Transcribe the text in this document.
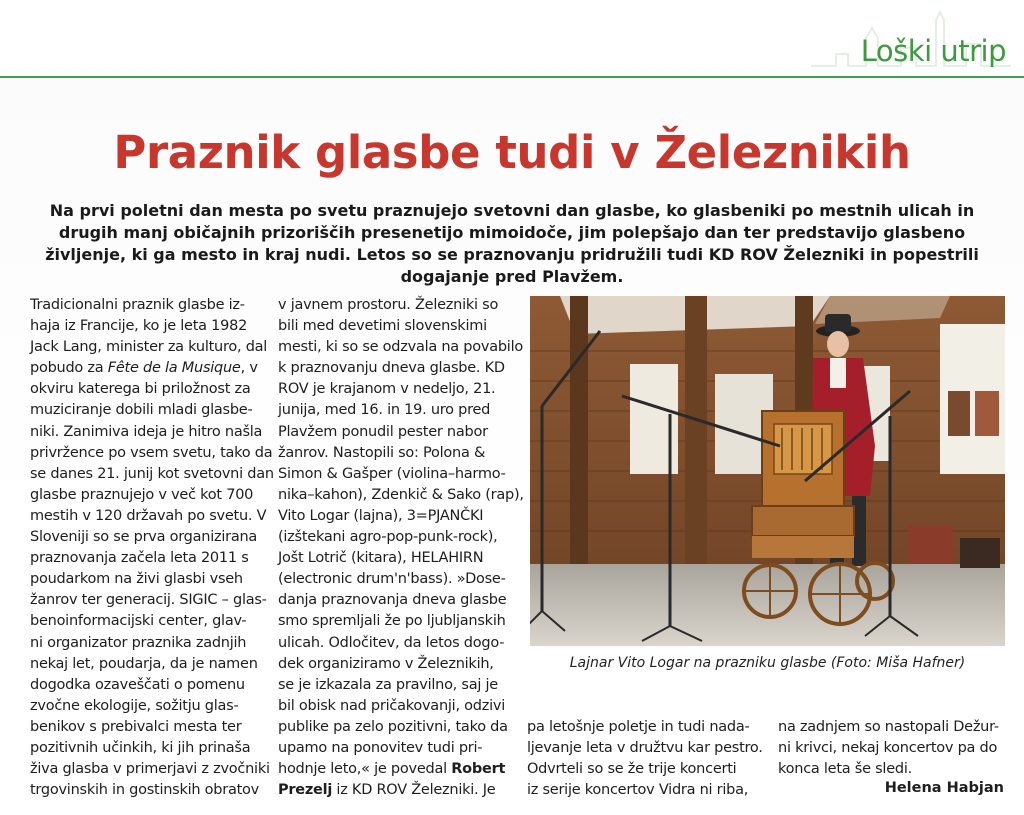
Loški utrip
Praznik glasbe tudi v Železnikih
Na prvi poletni dan mesta po svetu praznujejo svetovni dan glasbe, ko glasbeniki po mestnih ulicah in drugih manj običajnih prizoriščih presenetijo mimoidoče, jim polepšajo dan ter predstavijo glasbeno življenje, ki ga mesto in kraj nudi. Letos so se praznovanju pridružili tudi KD ROV Železniki in popestrili dogajanje pred Plavžem.
Tradicionalni praznik glasbe iz-
haja iz Francije, ko je leta 1982
Jack Lang, minister za kulturo, dal
pobudo za Fête de la Musique, v
okviru katerega bi priložnost za
muziciranje dobili mladi glasbe-
niki. Zanimiva ideja je hitro našla
privržence po vsem svetu, tako da
se danes 21. junij kot svetovni dan
glasbe praznujejo v več kot 700
mestih v 120 državah po svetu. V
Sloveniji so se prva organizirana
praznovanja začela leta 2011 s
poudarkom na živi glasbi vseh
žanrov ter generacij. SIGIC – glas-
benoinformacijski center, glav-
ni organizator praznika zadnjih
nekaj let, poudarja, da je namen
dogodka ozaveščati o pomenu
zvočne ekologije, sožitju glas-
benikov s prebivalci mesta ter
pozitivnih učinkih, ki jih prinaša
živa glasba v primerjavi z zvočniki
trgovinskih in gostinskih obratov
v javnem prostoru. Železniki so
bili med devetimi slovenskimi
mesti, ki so se odzvala na povabilo
k praznovanju dneva glasbe. KD
ROV je krajanom v nedeljo, 21.
junija, med 16. in 19. uro pred
Plavžem ponudil pester nabor
žanrov. Nastopili so: Polona &
Simon & Gašper (violina–harmo-
nika–kahon), Zdenkič & Sako (rap),
Vito Logar (lajna), 3=PJANČKI
(izštekani agro-pop-punk-rock),
Jošt Lotrič (kitara), HELAHIRN
(electronic drum'n'bass). »Dose-
danja praznovanja dneva glasbe
smo spremljali že po ljubljanskih
ulicah. Odločitev, da letos dogo-
dek organiziramo v Železnikih,
se je izkazala za pravilno, saj je
bil obisk nad pričakovanji, odzivi
publike pa zelo pozitivni, tako da
upamo na ponovitev tudi pri-
hodnje leto,« je povedal Robert
Prezelj iz KD ROV Železniki. Je
Lajnar Vito Logar na prazniku glasbe (Foto: Miša Hafner)
pa letošnje poletje in tudi nada-
ljevanje leta v družtvu kar pestro.
Odvrteli so se že trije koncerti
iz serije koncertov Vidra ni riba,
na zadnjem so nastopali Dežur-
ni krivci, nekaj koncertov pa do
konca leta še sledi.
Helena Habjan
